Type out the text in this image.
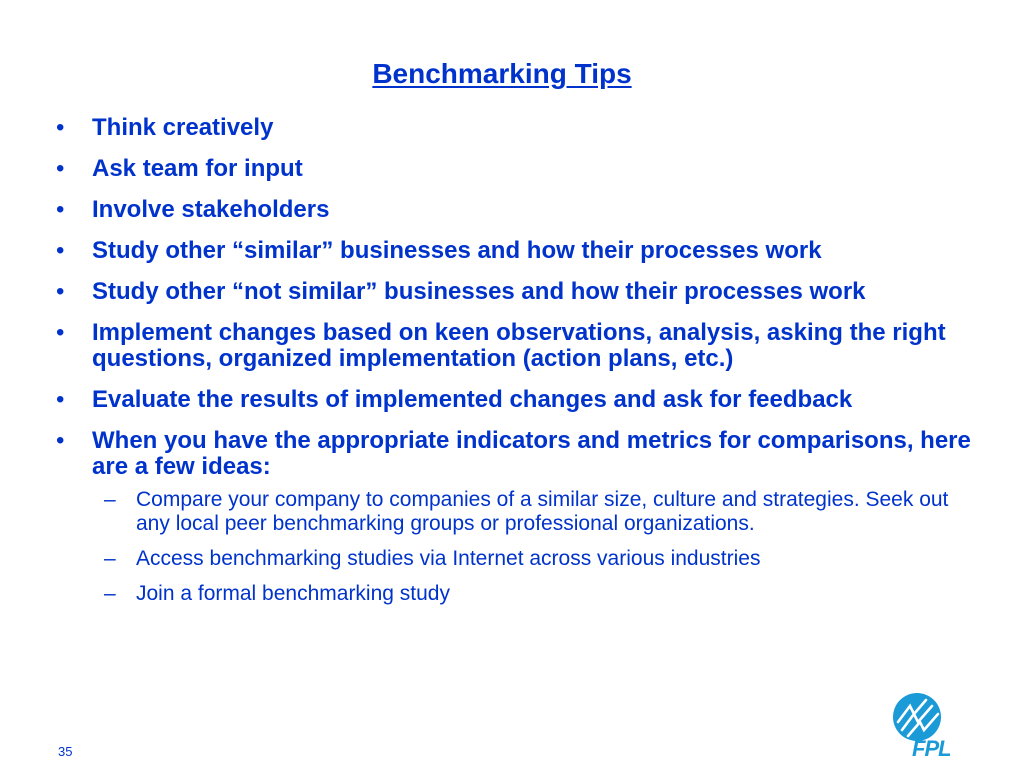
Benchmarking Tips
• Think creatively
• Ask team for input
• Involve stakeholders
• Study other “similar” businesses and how their processes work
• Study other “not similar” businesses and how their processes work
• Implement changes based on keen observations, analysis, asking the right questions, organized implementation (action plans, etc.)
• Evaluate the results of implemented changes and ask for feedback
• When you have the appropriate indicators and metrics for comparisons, here are a few ideas:
– Compare your company to companies of a similar size, culture and strategies. Seek out any local peer benchmarking groups or professional organizations.
– Access benchmarking studies via Internet across various industries
– Join a formal benchmarking study
35	FPL
